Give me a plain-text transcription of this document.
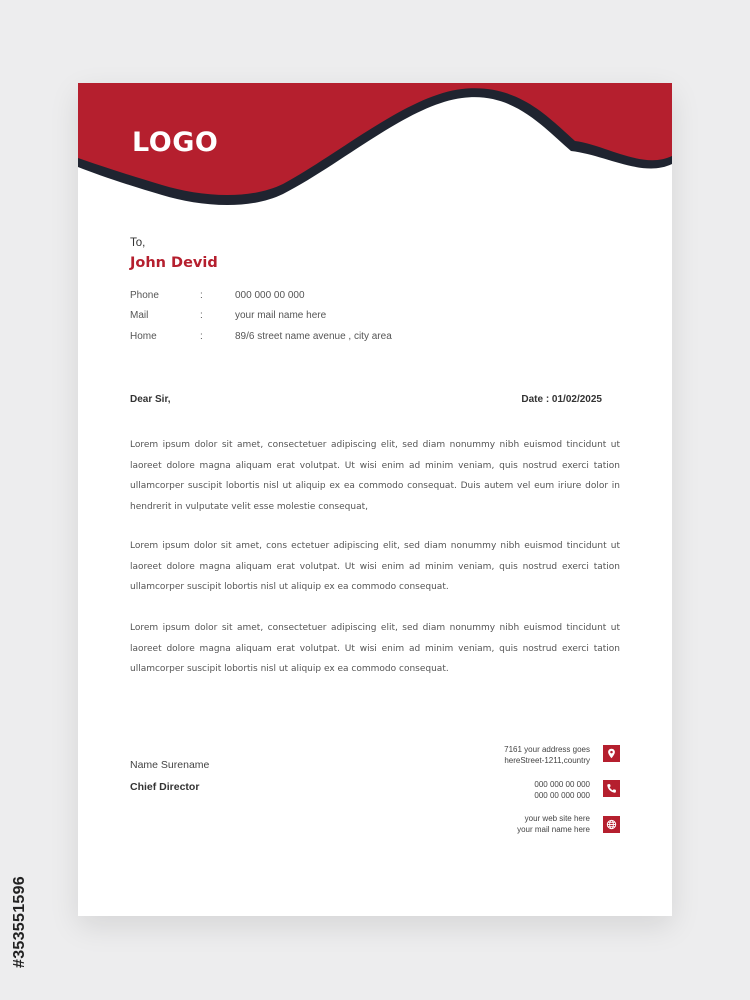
LOGO
To,
John Devid
Phone	:	000 000 00 000
Mail	:	your mail name here
Home	:	89/6 street name avenue , city area
Dear Sir,	Date : 01/02/2025

Lorem ipsum dolor sit amet, consectetuer adipiscing elit, sed diam nonummy nibh euismod tincidunt ut laoreet dolore magna aliquam erat volutpat. Ut wisi enim ad minim veniam, quis nostrud exerci tation ullamcorper suscipit lobortis nisl ut aliquip ex ea commodo consequat. Duis autem vel eum iriure dolor in hendrerit in vulputate velit esse molestie consequat,

Lorem ipsum dolor sit amet, cons ectetuer adipiscing elit, sed diam nonummy nibh euismod tincidunt ut laoreet dolore magna aliquam erat volutpat. Ut wisi enim ad minim veniam, quis nostrud exerci tation ullamcorper suscipit lobortis nisl ut aliquip ex ea commodo consequat.

Lorem ipsum dolor sit amet, consectetuer adipiscing elit, sed diam nonummy nibh euismod tincidunt ut laoreet dolore magna aliquam erat volutpat. Ut wisi enim ad minim veniam, quis nostrud exerci tation ullamcorper suscipit lobortis nisl ut aliquip ex ea commodo consequat.

Name Surename
Chief Director
7161 your address goes
hereStreet-1211,country
000 000 00 000
000 00 000 000
your web site here
your mail name here
#353551596
